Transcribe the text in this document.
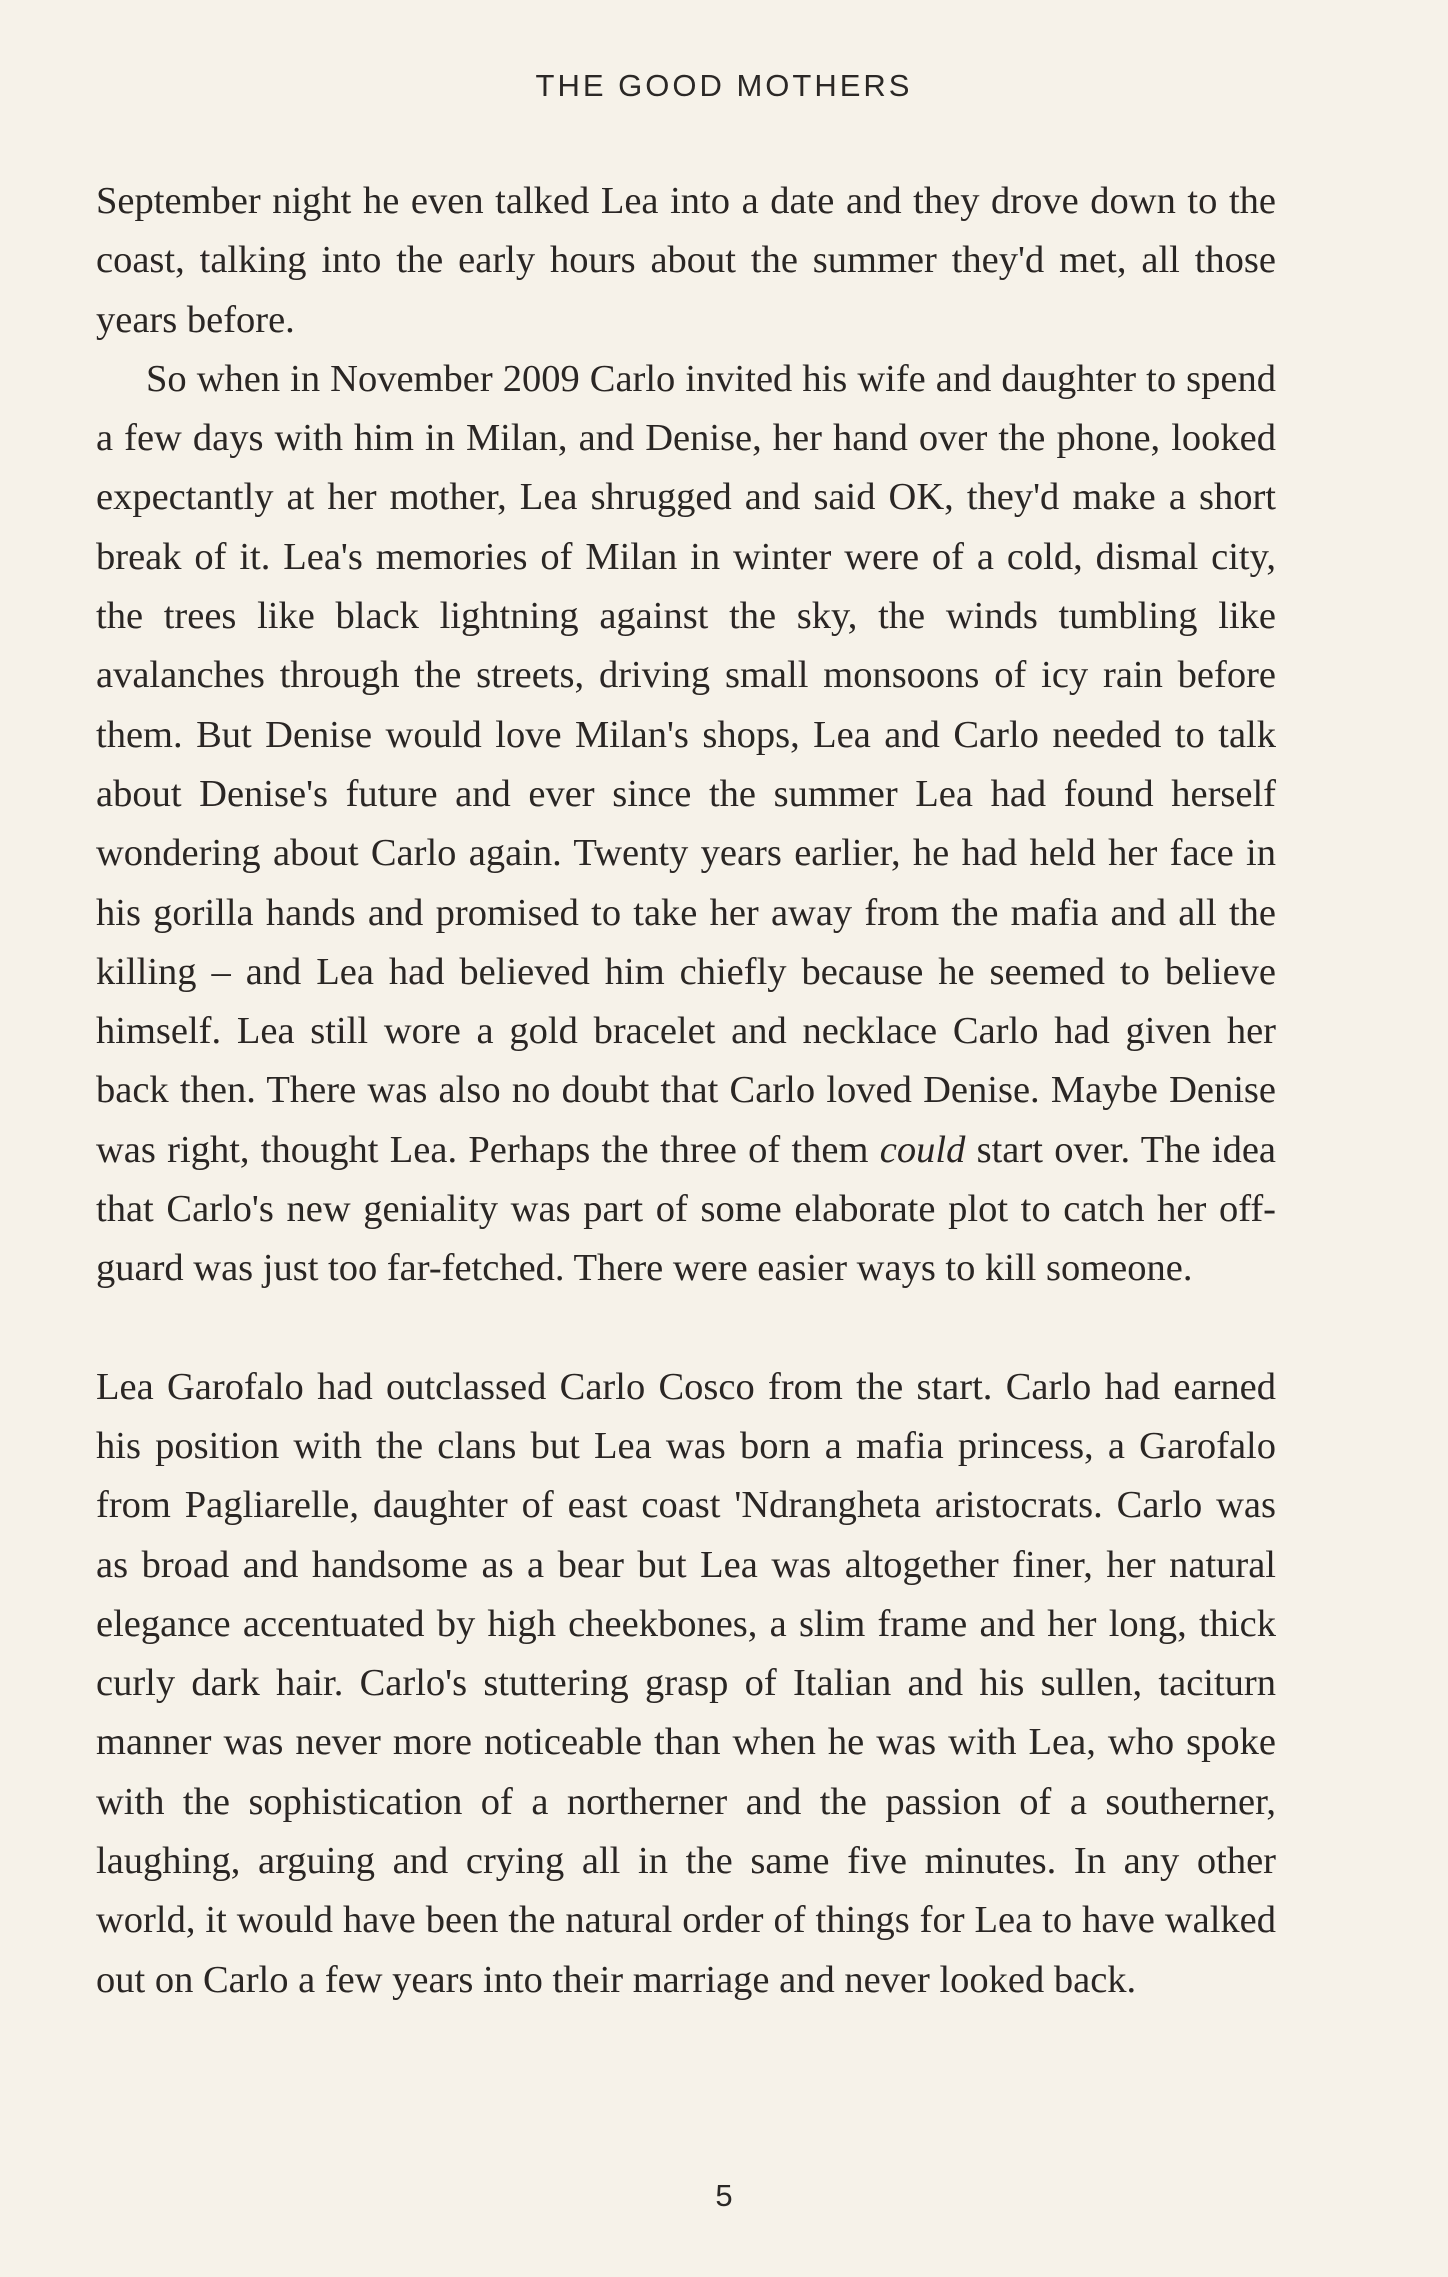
THE GOOD MOTHERS

September night he even talked Lea into a date and they drove down to the coast, talking into the early hours about the summer they'd met, all those years before.

So when in November 2009 Carlo invited his wife and daughter to spend a few days with him in Milan, and Denise, her hand over the phone, looked expectantly at her mother, Lea shrugged and said OK, they'd make a short break of it. Lea's memories of Milan in winter were of a cold, dismal city, the trees like black lightning against the sky, the winds tumbling like avalanches through the streets, driving small monsoons of icy rain before them. But Denise would love Milan's shops, Lea and Carlo needed to talk about Denise's future and ever since the summer Lea had found herself wondering about Carlo again. Twenty years earlier, he had held her face in his gorilla hands and promised to take her away from the mafia and all the killing – and Lea had believed him chiefly because he seemed to believe himself. Lea still wore a gold bracelet and necklace Carlo had given her back then. There was also no doubt that Carlo loved Denise. Maybe Denise was right, thought Lea. Perhaps the three of them could start over. The idea that Carlo's new geniality was part of some elaborate plot to catch her off-guard was just too far-fetched. There were easier ways to kill someone.

Lea Garofalo had outclassed Carlo Cosco from the start. Carlo had earned his position with the clans but Lea was born a mafia princess, a Garofalo from Pagliarelle, daughter of east coast 'Ndrangheta aristocrats. Carlo was as broad and handsome as a bear but Lea was altogether finer, her natural elegance accentuated by high cheekbones, a slim frame and her long, thick curly dark hair. Carlo's stuttering grasp of Italian and his sullen, taciturn manner was never more noticeable than when he was with Lea, who spoke with the sophistication of a northerner and the passion of a southerner, laughing, arguing and crying all in the same five minutes. In any other world, it would have been the natural order of things for Lea to have walked out on Carlo a few years into their marriage and never looked back.

5
